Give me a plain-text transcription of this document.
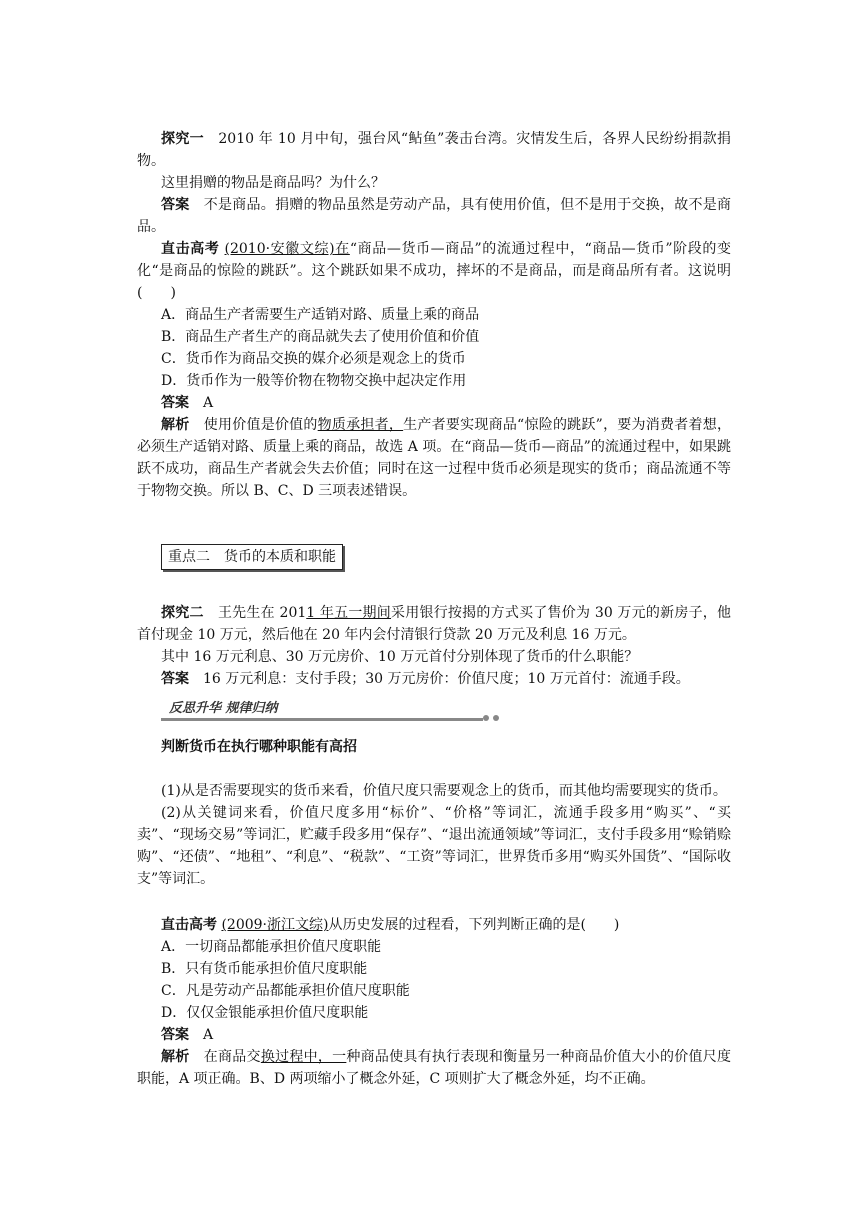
探究一　 2010 年 10 月中旬，强台风“鲇鱼”袭击台湾。灾情发生后，各界人民纷纷捐款捐物。

这里捐赠的物品是商品吗？为什么？

答案　 不是商品。捐赠的物品虽然是劳动产品，具有使用价值，但不是用于交换，故不是商品。

直击高考 (2010·安徽文综)在“商品—货币—商品”的流通过程中，“商品—货币”阶段的变化“是商品的惊险的跳跃”。这个跳跃如果不成功，摔坏的不是商品，而是商品所有者。这说明(　　)

A．商品生产者需要生产适销对路、质量上乘的商品

B．商品生产者生产的商品就失去了使用价值和价值

C．货币作为商品交换的媒介必须是观念上的货币

D．货币作为一般等价物在物物交换中起决定作用

答案　 A

解析　 使用价值是价值的物质承担者，生产者要实现商品“惊险的跳跃”，要为消费者着想，必须生产适销对路、质量上乘的商品，故选 A 项。在“商品—货币—商品”的流通过程中，如果跳跃不成功，商品生产者就会失去价值；同时在这一过程中货币必须是现实的货币；商品流通不等于物物交换。所以 B、C、D 三项表述错误。

重点二　货币的本质和职能

探究二　 王先生在 2011 年五一期间采用银行按揭的方式买了售价为 30 万元的新房子，他首付现金 10 万元，然后他在 20 年内会付清银行贷款 20 万元及利息 16 万元。

其中 16 万元利息、30 万元房价、10 万元首付分别体现了货币的什么职能？

答案　 16 万元利息：支付手段；30 万元房价：价值尺度；10 万元首付：流通手段。

反思升华 规律归纳
判断货币在执行哪种职能有高招

(1)从是否需要现实的货币来看，价值尺度只需要观念上的货币，而其他均需要现实的货币。

(2)从关键词来看，价值尺度多用“标价”、“价格”等词汇，流通手段多用“购买”、“买卖”、“现场交易”等词汇，贮藏手段多用“保存”、“退出流通领域”等词汇，支付手段多用“赊销赊购”、“还债”、“地租”、“利息”、“税款”、“工资”等词汇，世界货币多用“购买外国货”、“国际收支”等词汇。

直击高考 (2009·浙江文综)从历史发展的过程看，下列判断正确的是(　　)

A．一切商品都能承担价值尺度职能

B．只有货币能承担价值尺度职能

C．凡是劳动产品都能承担价值尺度职能

D．仅仅金银能承担价值尺度职能

答案　 A

解析　 在商品交换过程中，一种商品使具有执行表现和衡量另一种商品价值大小的价值尺度职能，A 项正确。B、D 两项缩小了概念外延，C 项则扩大了概念外延，均不正确。
